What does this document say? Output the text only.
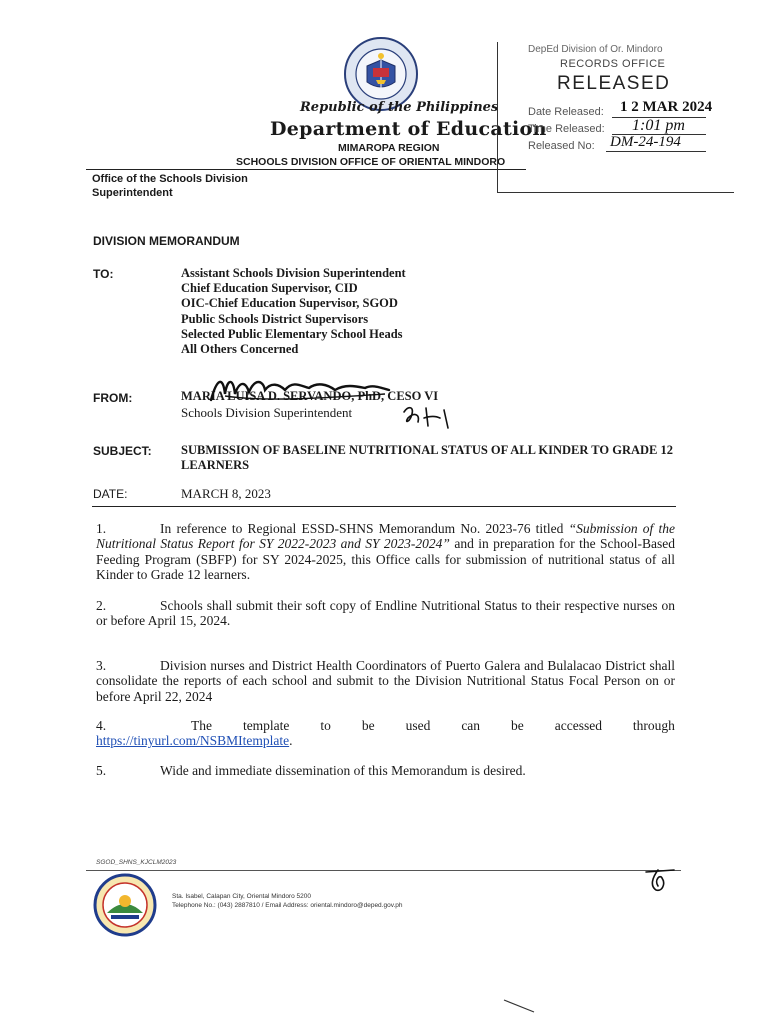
Republic of the Philippines
Department of Education
MIMAROPA REGION
SCHOOLS DIVISION OFFICE OF ORIENTAL MINDORO
DepEd Division of Or. Mindoro
RECORDS OFFICE
RELEASED
Date Released: 1 2 MAR 2024
Time Released: 1:01 pm
Released No: DM-24-194
Office of the Schools Division
Superintendent
DIVISION MEMORANDUM
TO:	Assistant Schools Division Superintendent
Chief Education Supervisor, CID
OIC-Chief Education Supervisor, SGOD
Public Schools District Supervisors
Selected Public Elementary School Heads
All Others Concerned
FROM:	MARIA LUISA D. SERVANDO, PhD, CESO VI
Schools Division Superintendent
SUBJECT: SUBMISSION OF BASELINE NUTRITIONAL STATUS OF ALL KINDER TO GRADE 12 LEARNERS
DATE:	MARCH 8, 2023
1.	In reference to Regional ESSD-SHNS Memorandum No. 2023-76 titled “Submission of the Nutritional Status Report for SY 2022-2023 and SY 2023-2024” and in preparation for the School-Based Feeding Program (SBFP) for SY 2024-2025, this Office calls for submission of nutritional status of all Kinder to Grade 12 learners.
2.	Schools shall submit their soft copy of Endline Nutritional Status to their respective nurses on or before April 15, 2024.
3.	Division nurses and District Health Coordinators of Puerto Galera and Bulalacao District shall consolidate the reports of each school and submit to the Division Nutritional Status Focal Person on or before April 22, 2024
4.	The template to be used can be accessed through
https://tinyurl.com/NSBMItemplate.
5.	Wide and immediate dissemination of this Memorandum is desired.
SGOD_SHNS_KJCLM2023
Sta. Isabel, Calapan City, Oriental Mindoro 5200
Telephone No.: (043) 2887810 / Email Address: oriental.mindoro@deped.gov.ph
